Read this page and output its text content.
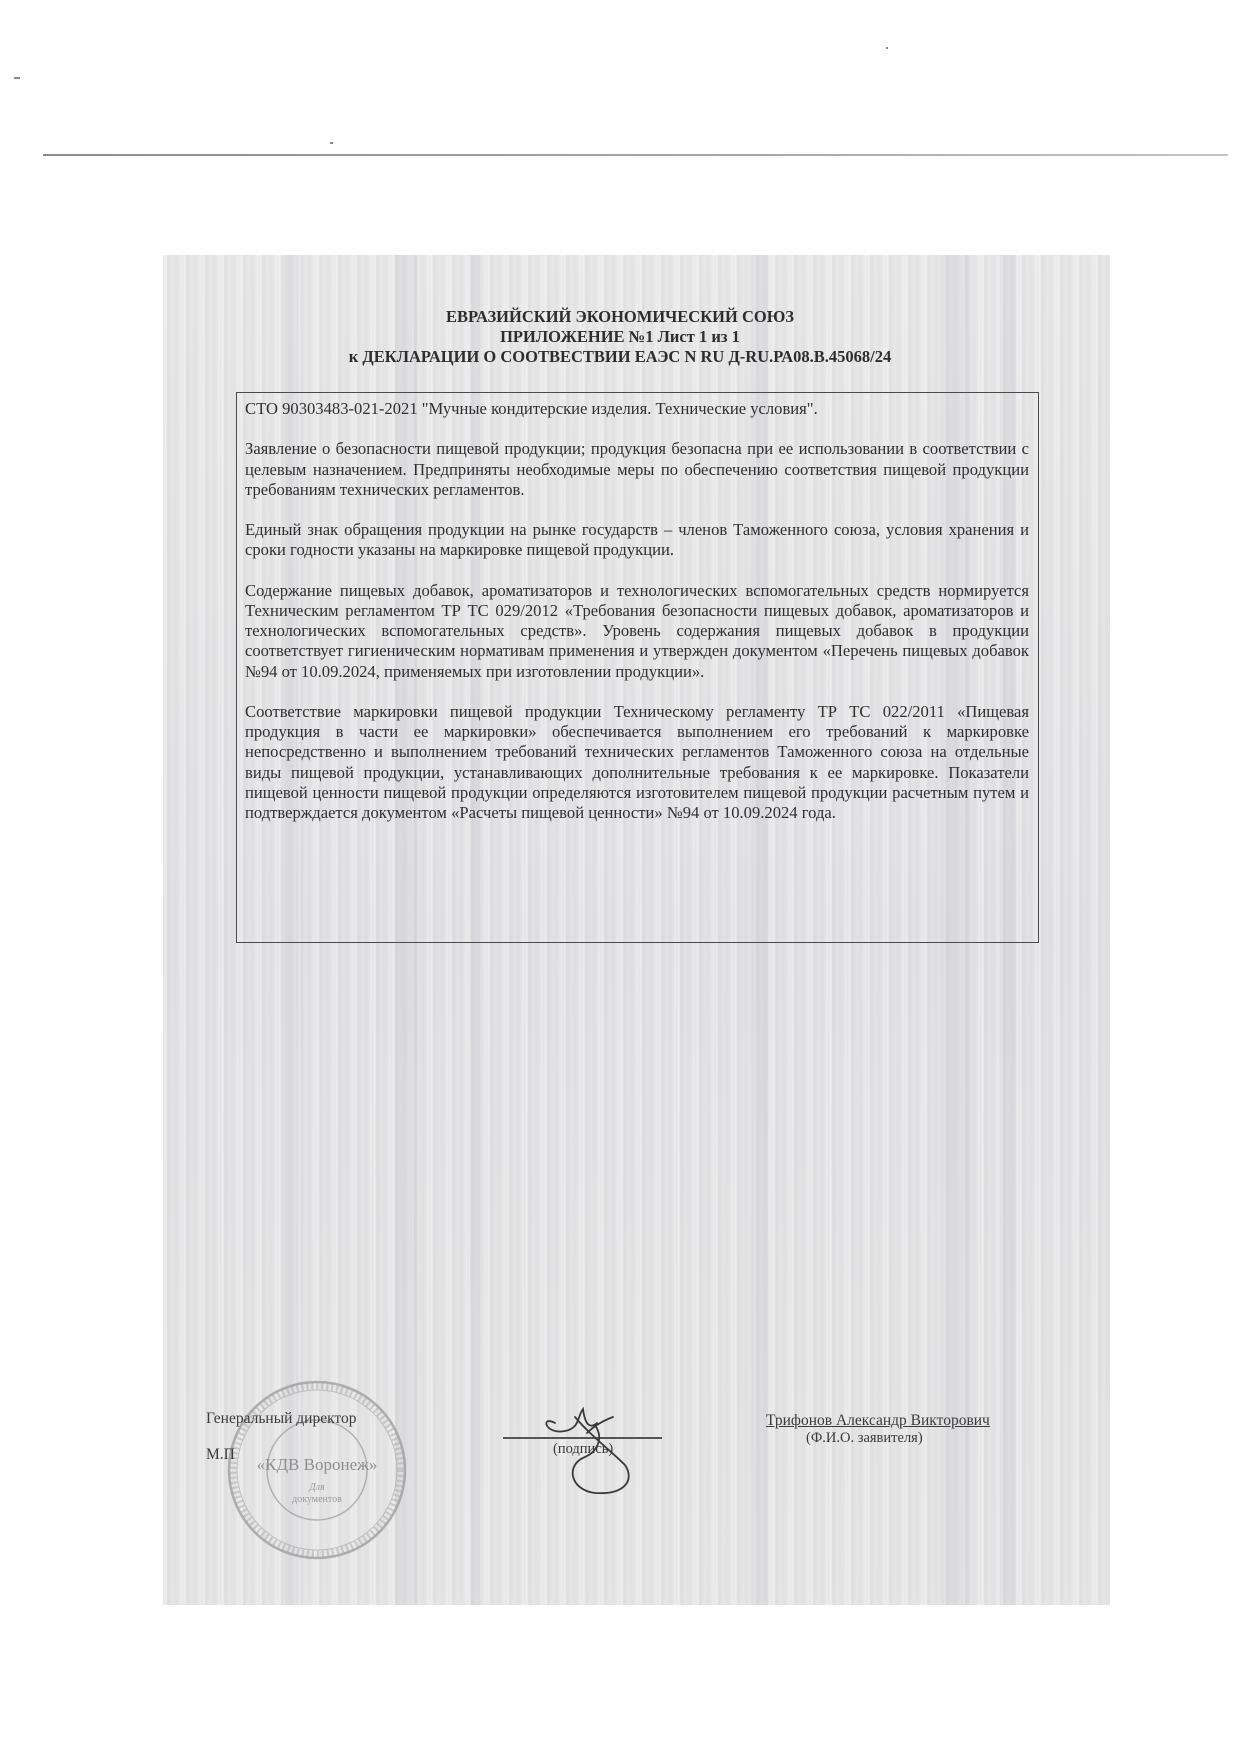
ЕВРАЗИЙСКИЙ ЭКОНОМИЧЕСКИЙ СОЮЗ
ПРИЛОЖЕНИЕ №1 Лист 1 из 1
к ДЕКЛАРАЦИИ О СООТВЕСТВИИ ЕАЭС N RU Д-RU.РА08.В.45068/24

СТО 90303483-021-2021 "Мучные кондитерские изделия. Технические условия".

Заявление о безопасности пищевой продукции; продукция безопасна при ее использовании в соответствии с целевым назначением. Предприняты необходимые меры по обеспечению соответствия пищевой продукции требованиям технических регламентов.

Единый знак обращения продукции на рынке государств – членов Таможенного союза, условия хранения и сроки годности указаны на маркировке пищевой продукции.

Содержание пищевых добавок, ароматизаторов и технологических вспомогательных средств нормируется Техническим регламентом ТР ТС 029/2012 «Требования безопасности пищевых добавок, ароматизаторов и технологических вспомогательных средств». Уровень содержания пищевых добавок в продукции соответствует гигиеническим нормативам применения и утвержден документом «Перечень пищевых добавок №94 от 10.09.2024, применяемых при изготовлении продукции».

Соответствие маркировки пищевой продукции Техническому регламенту ТР ТС 022/2011 «Пищевая продукция в части ее маркировки» обеспечивается выполнением его требований к маркировке непосредственно и выполнением требований технических регламентов Таможенного союза на отдельные виды пищевой продукции, устанавливающих дополнительные требования к ее маркировке. Показатели пищевой ценности пищевой продукции определяются изготовителем пищевой продукции расчетным путем и подтверждается документом «Расчеты пищевой ценности» №94 от 10.09.2024 года.

«КДВ Воронеж»
Для
документов
Генеральный директор
М.П	(подпись)
Трифонов Александр Викторович
(Ф.И.О. заявителя)
